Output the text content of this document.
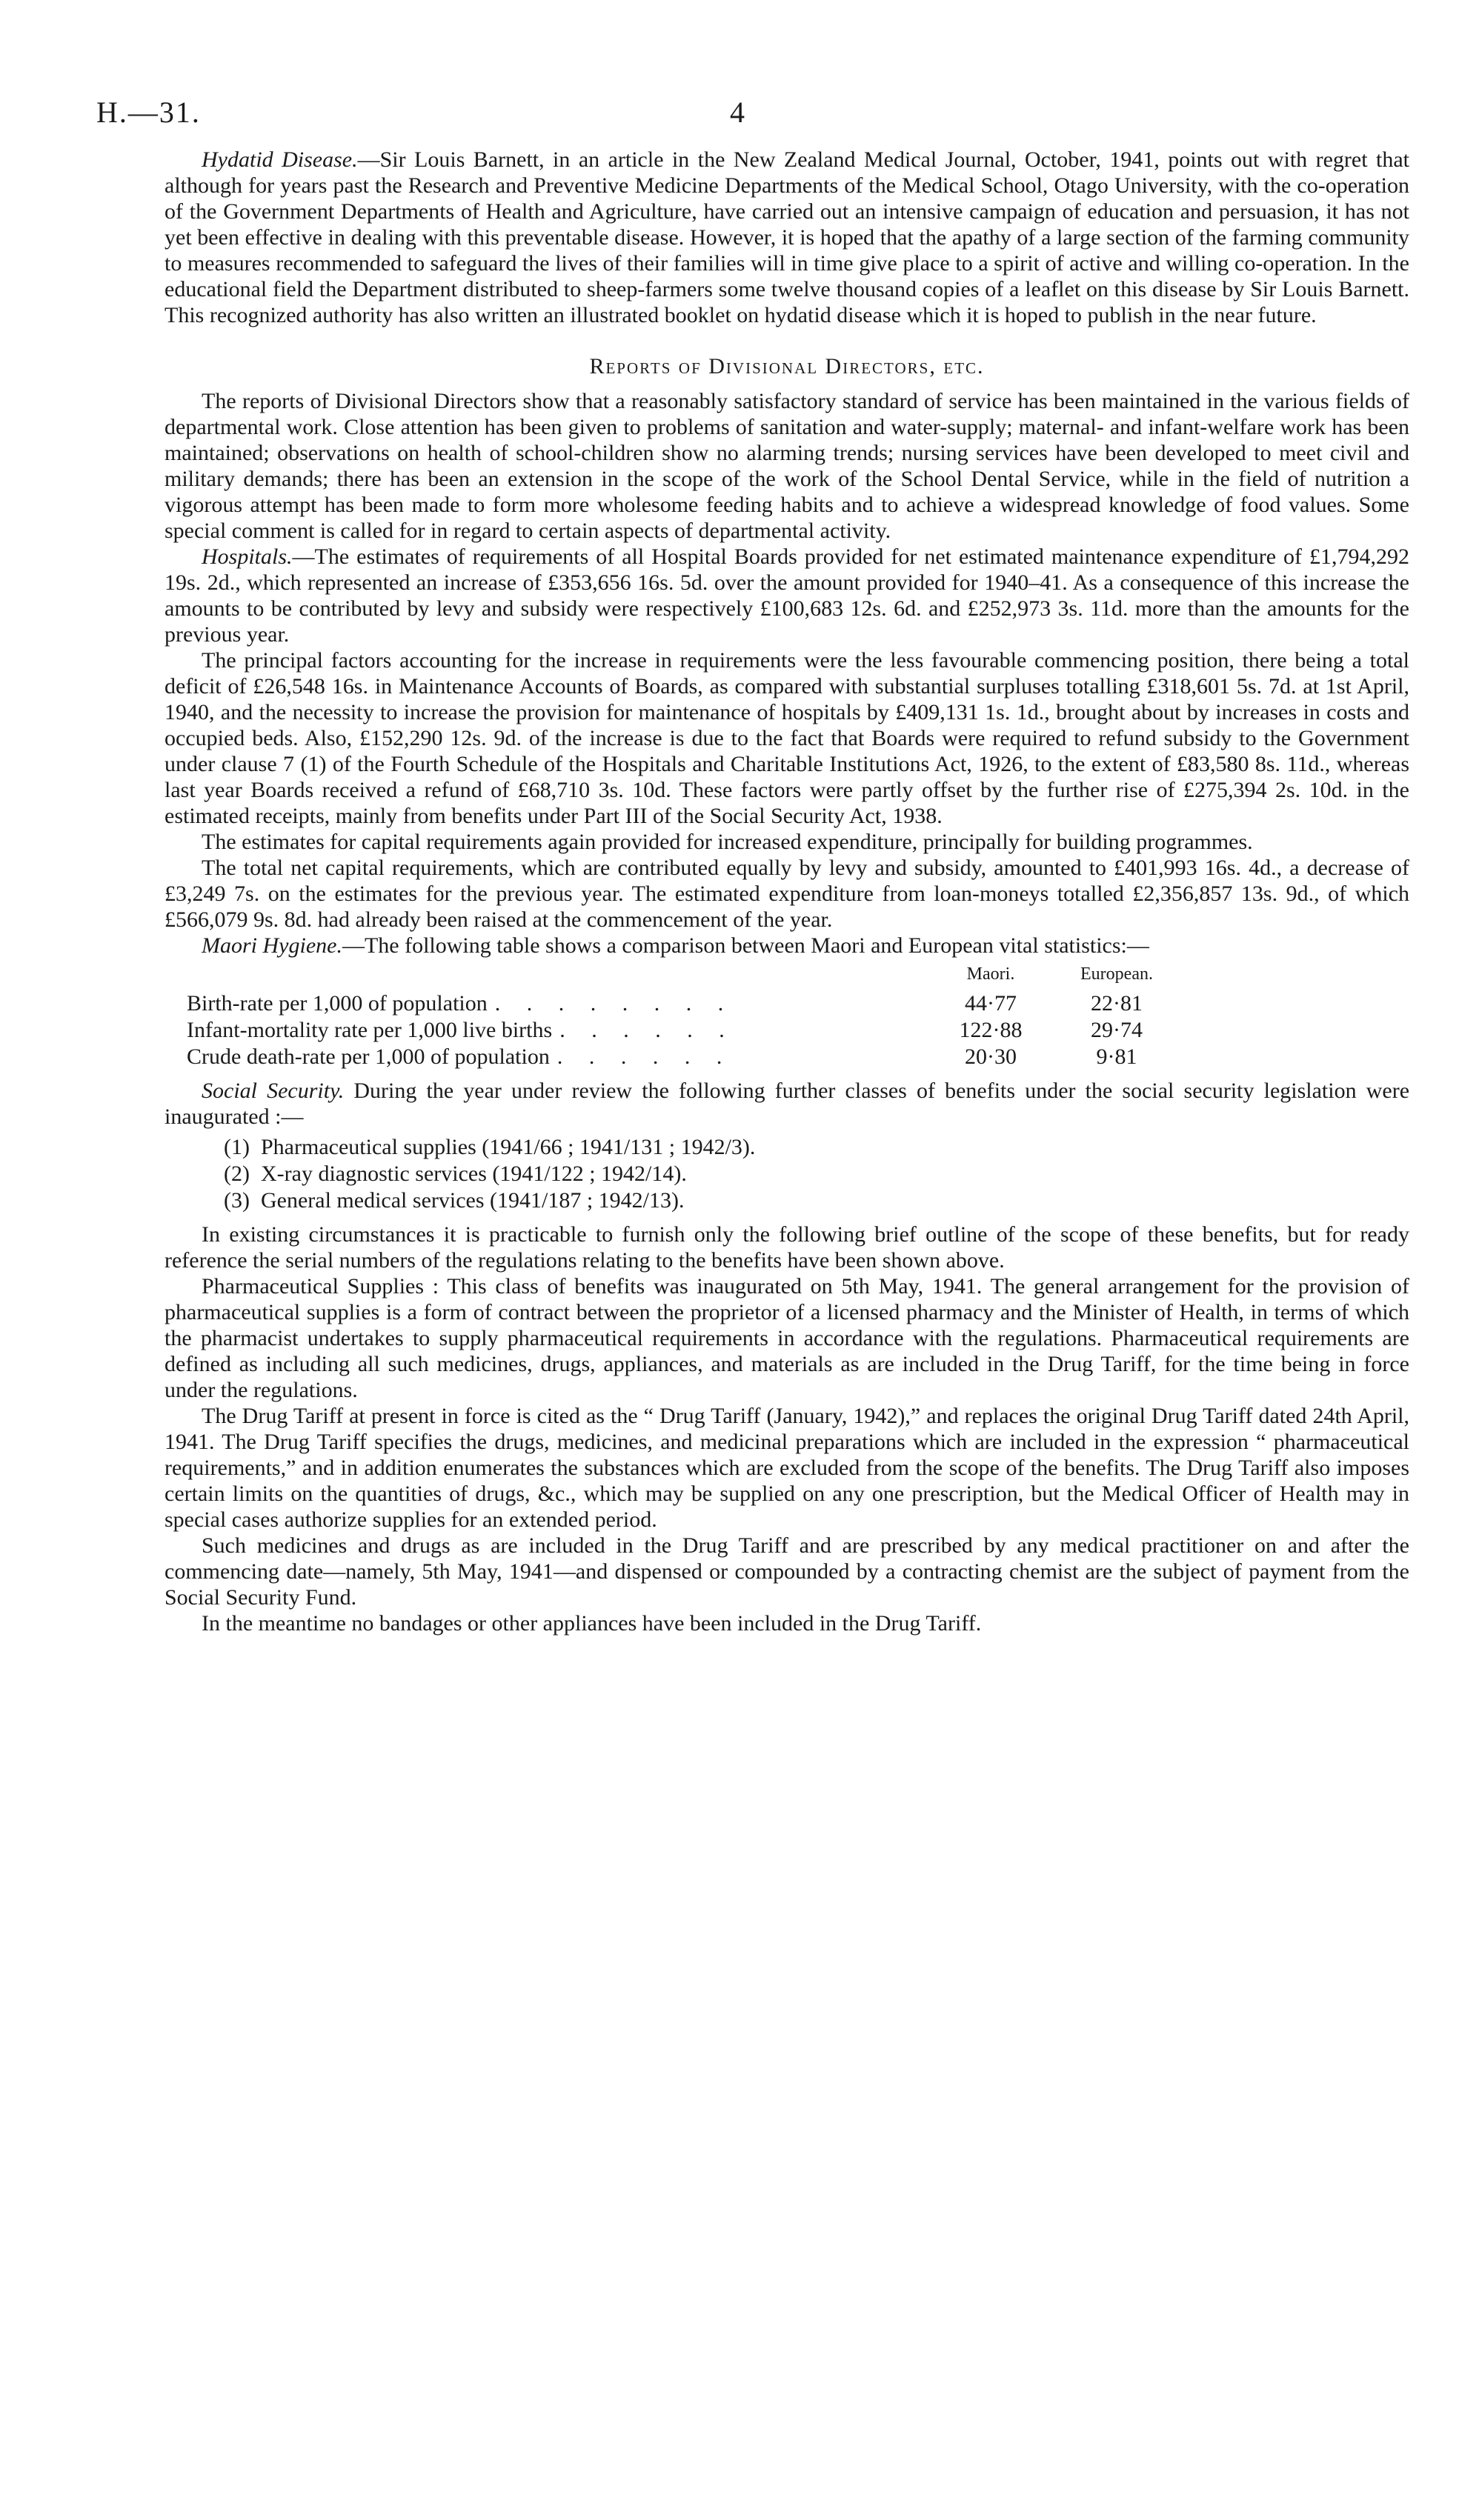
H.—31.	4

Hydatid Disease.—Sir Louis Barnett, in an article in the New Zealand Medical Journal, October, 1941, points out with regret that although for years past the Research and Preventive Medicine Departments of the Medical School, Otago University, with the co-operation of the Government Departments of Health and Agriculture, have carried out an intensive campaign of education and persuasion, it has not yet been effective in dealing with this preventable disease. However, it is hoped that the apathy of a large section of the farming community to measures recommended to safeguard the lives of their families will in time give place to a spirit of active and willing co-operation. In the educational field the Department distributed to sheep-farmers some twelve thousand copies of a leaflet on this disease by Sir Louis Barnett. This recognized authority has also written an illustrated booklet on hydatid disease which it is hoped to publish in the near future.

Reports of Divisional Directors, etc.

The reports of Divisional Directors show that a reasonably satisfactory standard of service has been maintained in the various fields of departmental work. Close attention has been given to problems of sanitation and water-supply; maternal- and infant-welfare work has been maintained; observations on health of school-children show no alarming trends; nursing services have been developed to meet civil and military demands; there has been an extension in the scope of the work of the School Dental Service, while in the field of nutrition a vigorous attempt has been made to form more wholesome feeding habits and to achieve a widespread knowledge of food values. Some special comment is called for in regard to certain aspects of departmental activity.

Hospitals.—The estimates of requirements of all Hospital Boards provided for net estimated maintenance expenditure of £1,794,292 19s. 2d., which represented an increase of £353,656 16s. 5d. over the amount provided for 1940–41. As a consequence of this increase the amounts to be contributed by levy and subsidy were respectively £100,683 12s. 6d. and £252,973 3s. 11d. more than the amounts for the previous year.

The principal factors accounting for the increase in requirements were the less favourable commencing position, there being a total deficit of £26,548 16s. in Maintenance Accounts of Boards, as compared with substantial surpluses totalling £318,601 5s. 7d. at 1st April, 1940, and the necessity to increase the provision for maintenance of hospitals by £409,131 1s. 1d., brought about by increases in costs and occupied beds. Also, £152,290 12s. 9d. of the increase is due to the fact that Boards were required to refund subsidy to the Government under clause 7 (1) of the Fourth Schedule of the Hospitals and Charitable Institutions Act, 1926, to the extent of £83,580 8s. 11d., whereas last year Boards received a refund of £68,710 3s. 10d. These factors were partly offset by the further rise of £275,394 2s. 10d. in the estimated receipts, mainly from benefits under Part III of the Social Security Act, 1938.

The estimates for capital requirements again provided for increased expenditure, principally for building programmes.

The total net capital requirements, which are contributed equally by levy and subsidy, amounted to £401,993 16s. 4d., a decrease of £3,249 7s. on the estimates for the previous year. The estimated expenditure from loan-moneys totalled £2,356,857 13s. 9d., of which £566,079 9s. 8d. had already been raised at the commencement of the year.

Maori Hygiene.—The following table shows a comparison between Maori and European vital statistics:—

	Maori.	European.
Birth-rate per 1,000 of population . . . . . . . .	44·77	22·81
Infant-mortality rate per 1,000 live births . . . . . .	122·88	29·74
Crude death-rate per 1,000 of population . . . . . .	20·30	9·81

Social Security. During the year under review the following further classes of benefits under the social security legislation were inaugurated :—

(1) Pharmaceutical supplies (1941/66 ; 1941/131 ; 1942/3).
(2) X-ray diagnostic services (1941/122 ; 1942/14).
(3) General medical services (1941/187 ; 1942/13).

In existing circumstances it is practicable to furnish only the following brief outline of the scope of these benefits, but for ready reference the serial numbers of the regulations relating to the benefits have been shown above.

Pharmaceutical Supplies : This class of benefits was inaugurated on 5th May, 1941. The general arrangement for the provision of pharmaceutical supplies is a form of contract between the proprietor of a licensed pharmacy and the Minister of Health, in terms of which the pharmacist undertakes to supply pharmaceutical requirements in accordance with the regulations. Pharmaceutical requirements are defined as including all such medicines, drugs, appliances, and materials as are included in the Drug Tariff, for the time being in force under the regulations.

The Drug Tariff at present in force is cited as the “ Drug Tariff (January, 1942),” and replaces the original Drug Tariff dated 24th April, 1941. The Drug Tariff specifies the drugs, medicines, and medicinal preparations which are included in the expression “ pharmaceutical requirements,” and in addition enumerates the substances which are excluded from the scope of the benefits. The Drug Tariff also imposes certain limits on the quantities of drugs, &c., which may be supplied on any one prescription, but the Medical Officer of Health may in special cases authorize supplies for an extended period.

Such medicines and drugs as are included in the Drug Tariff and are prescribed by any medical practitioner on and after the commencing date—namely, 5th May, 1941—and dispensed or compounded by a contracting chemist are the subject of payment from the Social Security Fund.

In the meantime no bandages or other appliances have been included in the Drug Tariff.
